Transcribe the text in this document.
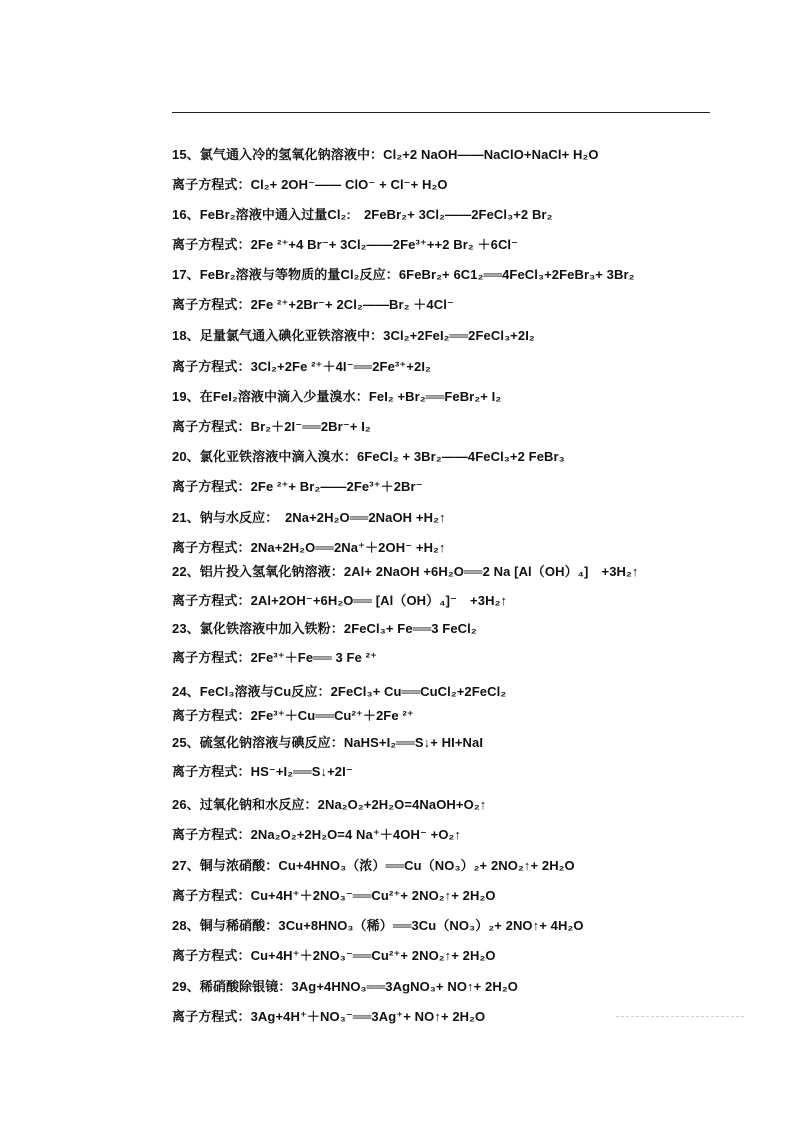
15、氯气通入冷的氢氧化钠溶液中：Cl₂+2 NaOH——NaClO+NaCl+ H₂O
离子方程式：Cl₂+ 2OH⁻—— ClO⁻ + Cl⁻+ H₂O
16、FeBr₂溶液中通入过量Cl₂:　2FeBr₂+ 3Cl₂——2FeCl₃+2 Br₂
离子方程式：2Fe ²⁺+4 Br⁻+ 3Cl₂——2Fe³⁺++2 Br₂ ＋6Cl⁻
17、FeBr₂溶液与等物质的量Cl₂反应：6FeBr₂+ 6C1₂══4FeCl₃+2FeBr₃+ 3Br₂
离子方程式：2Fe ²⁺+2Br⁻+ 2Cl₂——Br₂ ＋4Cl⁻
18、足量氯气通入碘化亚铁溶液中：3Cl₂+2FeI₂══2FeCl₃+2I₂
离子方程式：3Cl₂+2Fe ²⁺＋4I⁻══2Fe³⁺+2I₂
19、在FeI₂溶液中滴入少量溴水：FeI₂ +Br₂══FeBr₂+ I₂
离子方程式：Br₂＋2I⁻══2Br⁻+ I₂
20、氯化亚铁溶液中滴入溴水：6FeCl₂ + 3Br₂——4FeCl₃+2 FeBr₃
离子方程式：2Fe ²⁺+ Br₂——2Fe³⁺＋2Br⁻
21、钠与水反应：　2Na+2H₂O══2NaOH +H₂↑
离子方程式：2Na+2H₂O══2Na⁺＋2OH⁻ +H₂↑
22、铝片投入氢氧化钠溶液：2Al+ 2NaOH +6H₂O══2 Na [Al（OH）₄]　+3H₂↑
离子方程式：2Al+2OH⁻+6H₂O══ [Al（OH）₄]⁻　+3H₂↑
23、氯化铁溶液中加入铁粉：2FeCl₃+ Fe══3 FeCl₂
离子方程式：2Fe³⁺＋Fe══ 3 Fe ²⁺
24、FeCl₃溶液与Cu反应：2FeCl₃+ Cu══CuCl₂+2FeCl₂
离子方程式：2Fe³⁺＋Cu══Cu²⁺＋2Fe ²⁺
25、硫氢化钠溶液与碘反应：NaHS+I₂══S↓+ HI+NaI
离子方程式：HS⁻+I₂══S↓+2I⁻
26、过氧化钠和水反应：2Na₂O₂+2H₂O=4NaOH+O₂↑
离子方程式：2Na₂O₂+2H₂O=4 Na⁺＋4OH⁻ +O₂↑
27、铜与浓硝酸：Cu+4HNO₃（浓）══Cu（NO₃）₂+ 2NO₂↑+ 2H₂O
离子方程式：Cu+4H⁺＋2NO₃⁻══Cu²⁺+ 2NO₂↑+ 2H₂O
28、铜与稀硝酸：3Cu+8HNO₃（稀）══3Cu（NO₃）₂+ 2NO↑+ 4H₂O
离子方程式：Cu+4H⁺＋2NO₃⁻══Cu²⁺+ 2NO₂↑+ 2H₂O
29、稀硝酸除银镜：3Ag+4HNO₃══3AgNO₃+ NO↑+ 2H₂O
离子方程式：3Ag+4H⁺＋NO₃⁻══3Ag⁺+ NO↑+ 2H₂O
